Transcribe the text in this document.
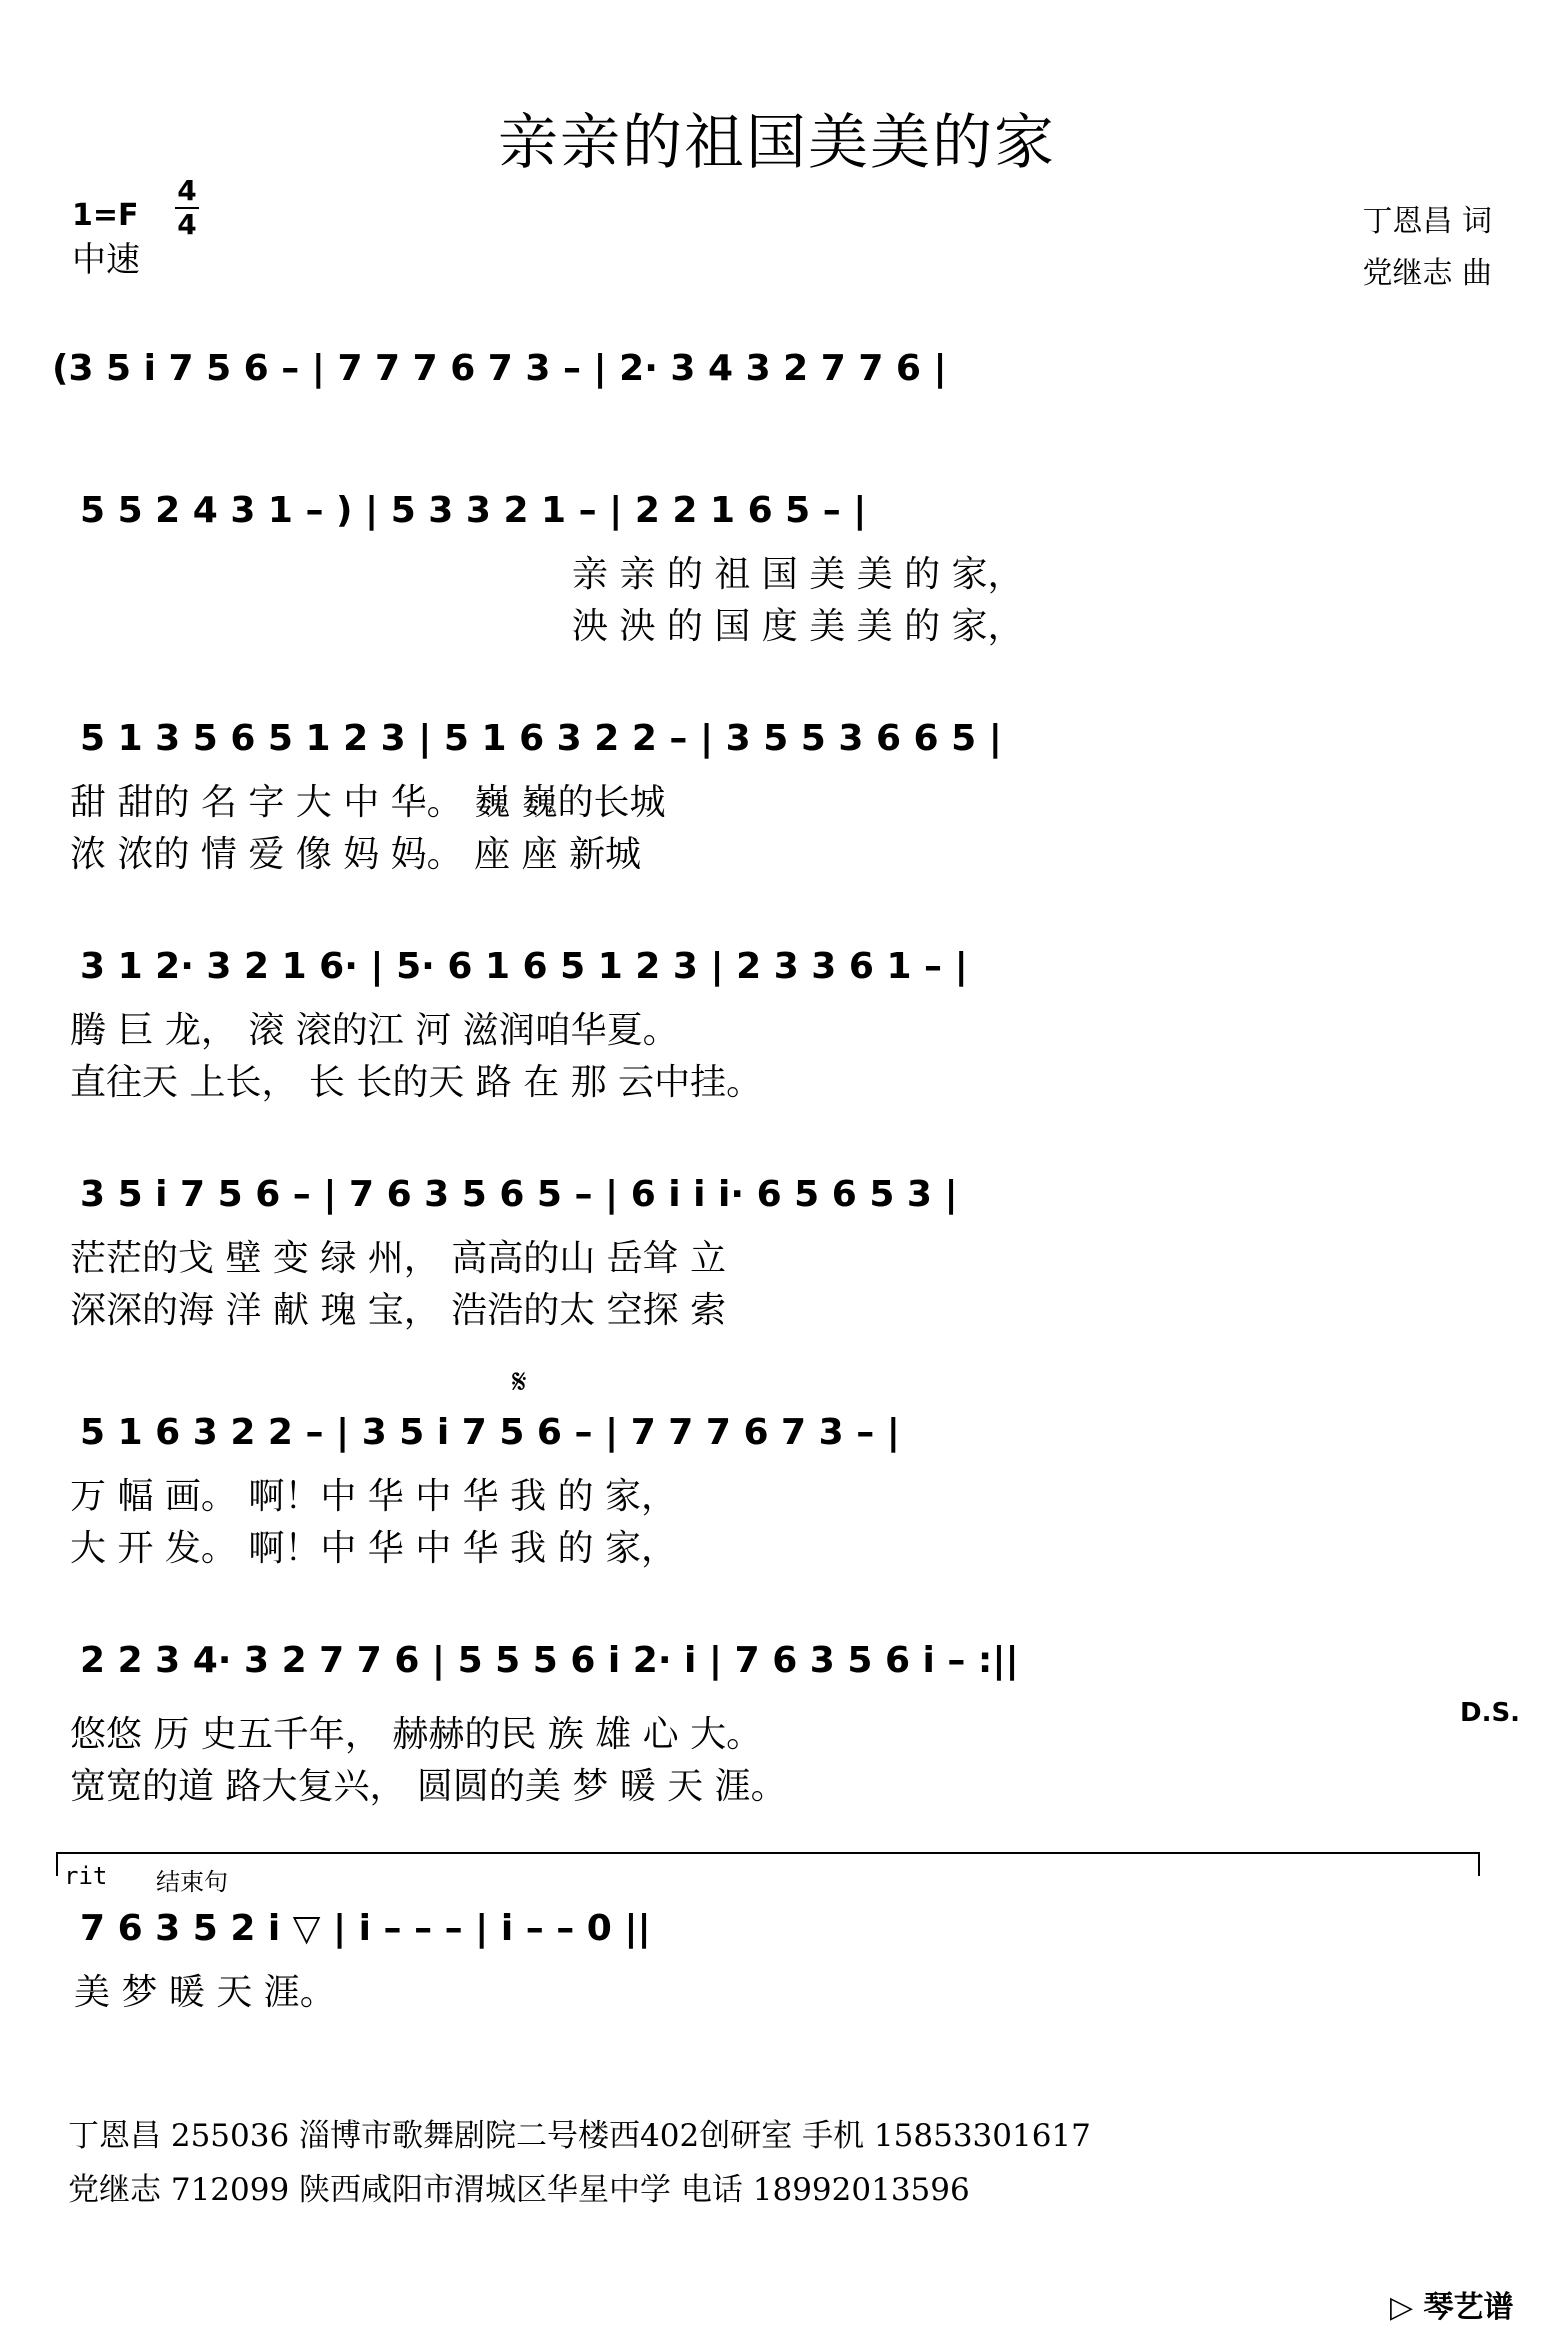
亲亲的祖国美美的家
1=F
4
4
中速
丁恩昌 词
党继志 曲
(3 5 i 7 5 6 – | 7 7 7 6 7 3 – | 2· 3 4 3 2 7 7 6 |
5 5 2 4 3 1 – ) | 5 3 3 2 1 – | 2 2 1 6 5 – |
亲 亲 的 祖 国 美 美 的 家，
泱 泱 的 国 度 美 美 的 家，
5 1 3 5 6 5 1 2 3 | 5 1 6 3 2 2 – | 3 5 5 3 6 6 5 |
甜 甜的 名 字 大 中 华。 巍 巍的长城
浓 浓的 情 爱 像 妈 妈。 座 座 新城
3 1 2· 3 2 1 6· | 5· 6 1 6 5 1 2 3 | 2 3 3 6 1 – |
腾 巨 龙， 滚 滚的江 河 滋润咱华夏。
直往天 上长， 长 长的天 路 在 那 云中挂。
3 5 i 7 5 6 – | 7 6 3 5 6 5 – | 6 i i i· 6 5 6 5 3 |
茫茫的戈 壁 变 绿 州， 高高的山 岳耸 立
深深的海 洋 献 瑰 宝， 浩浩的太 空探 索
𝄋
5 1 6 3 2 2 – | 3 5 i 7 5 6 – | 7 7 7 6 7 3 – |
万 幅 画。 啊！中 华 中 华 我 的 家，
大 开 发。 啊！中 华 中 华 我 的 家，
2 2 3 4· 3 2 7 7 6 | 5 5 5 6 i 2· i | 7 6 3 5 6 i – :||
D.S.
悠悠 历 史五千年， 赫赫的民 族 雄 心 大。
宽宽的道 路大复兴， 圆圆的美 梦 暖 天 涯。
rit 结束句
7 6 3 5 2 i ▽ | i – – – | i – – 0 ||
美 梦 暖 天 涯。
丁恩昌 255036 淄博市歌舞剧院二号楼西402创研室 手机 15853301617
党继志 712099 陕西咸阳市渭城区华星中学 电话 18992013596
▷ 琴艺谱
